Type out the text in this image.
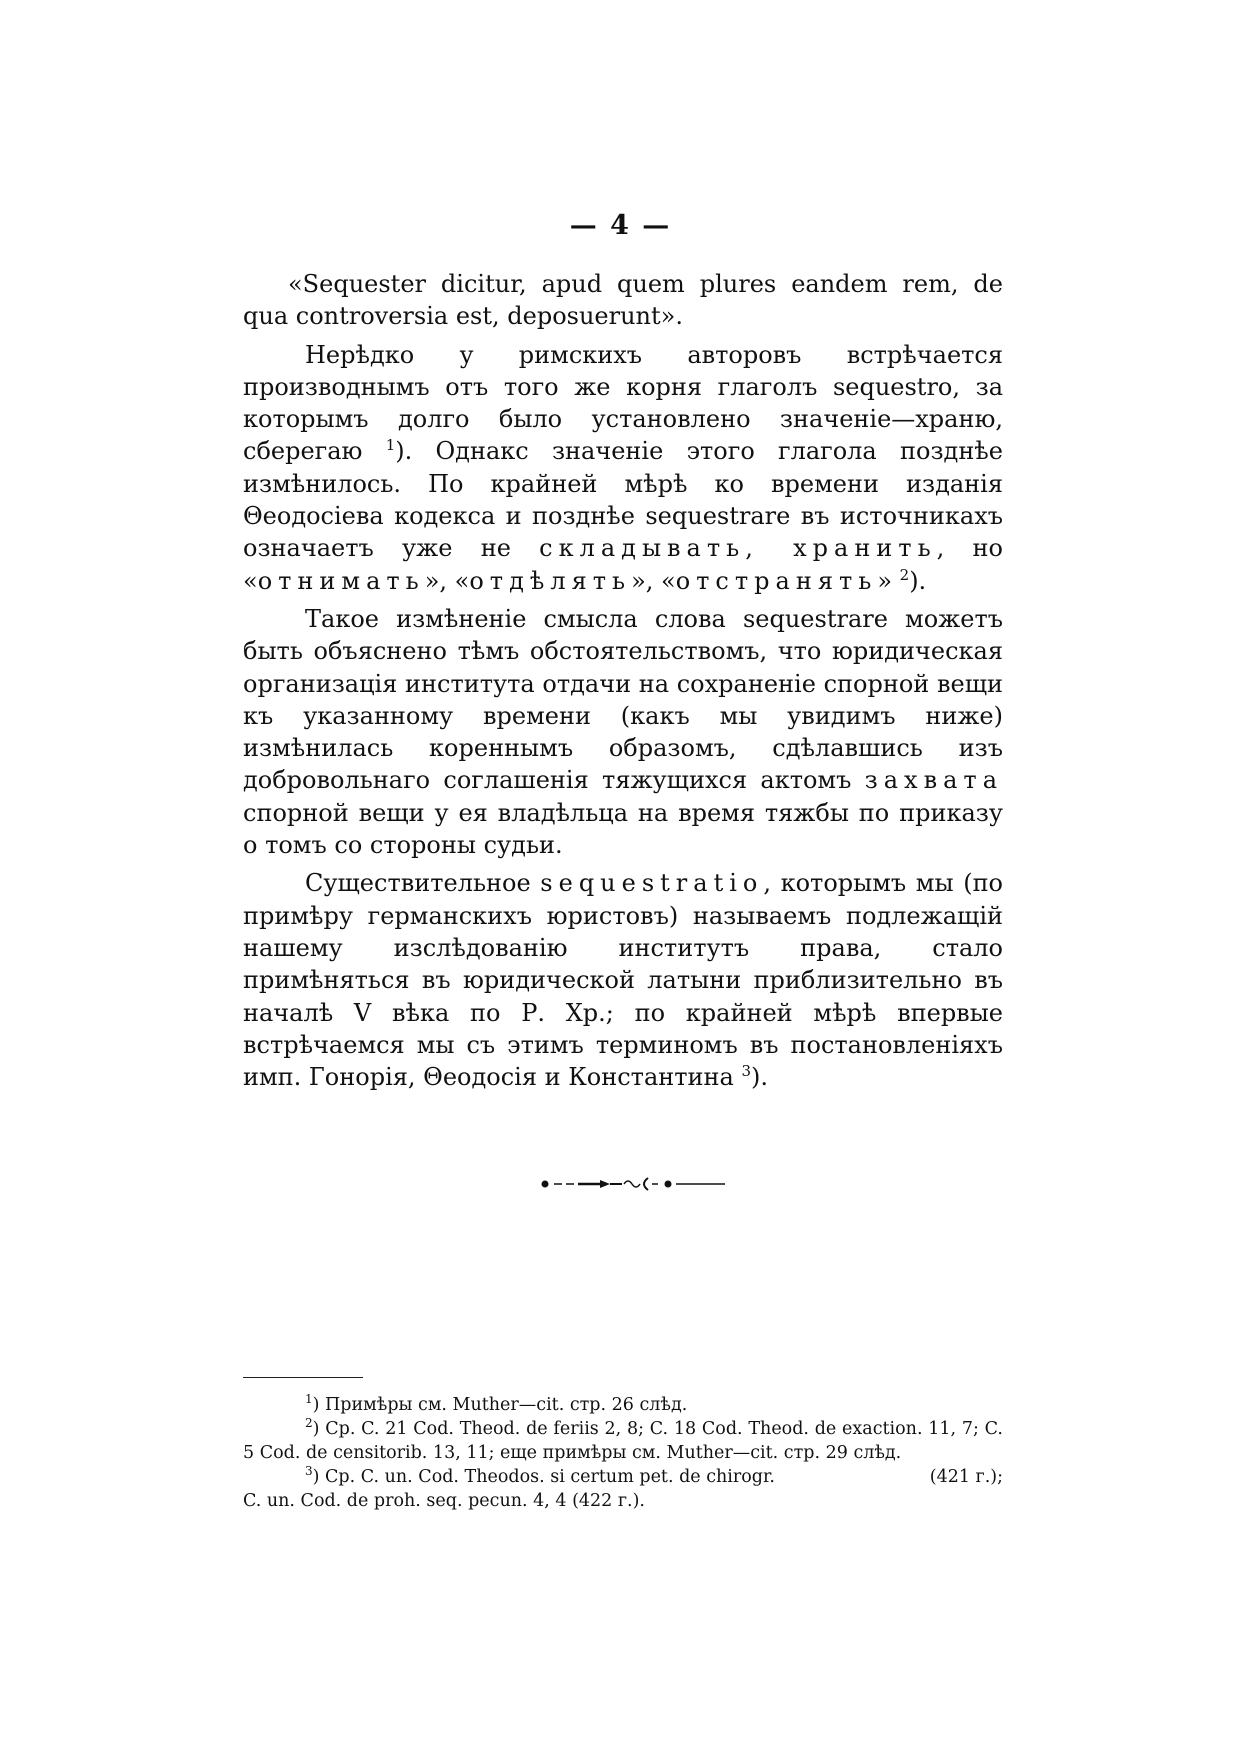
— 4 —

«Sequester dicitur, apud quem plures eandem rem, de qua controversia est, deposuerunt».

Нерѣдко у римскихъ авторовъ встрѣчается производнымъ отъ того же корня глаголъ sequestro, за которымъ долго было установлено значеніе—храню, сберегаю $^1$). Однакс значеніе этого глагола позднѣе измѣнилось. По крайней мѣрѣ ко времени изданія Θеодосіева кодекса и позднѣе sequestrare въ источникахъ означаетъ уже не складывать, хранить, но «отнимать», «отдѣлять», «отстранять» $^2$).

Такое измѣненіе смысла слова sequestrare можетъ быть объяснено тѣмъ обстоятельствомъ, что юридическая организація института отдачи на сохраненіе спорной вещи къ указанному времени (какъ мы увидимъ ниже) измѣнилась кореннымъ образомъ, сдѣлавшись изъ добровольнаго соглашенія тяжущихся актомъ захвата спорной вещи у ея владѣльца на время тяжбы по приказу о томъ со стороны судьи.

Существительное sequestratio, которымъ мы (по примѣру германскихъ юристовъ) называемъ подлежащій нашему изслѣдованію институтъ права, стало примѣняться въ юридической латыни приблизительно въ началѣ V вѣка по Р. Хр.; по крайней мѣрѣ впервые встрѣчаемся мы съ этимъ терминомъ въ постановленіяхъ имп. Гонорія, Θеодосія и Константина $^3$).

$^1$) Примѣры см. Muther—cit. стр. 26 слѣд.

$^2$) Ср. C. 21 Cod. Theod. de feriis 2, 8; C. 18 Cod. Theod. de exaction. 11, 7; C. 5 Cod. de censitorib. 13, 11; еще примѣры см. Muther—cit. стр. 29 слѣд.

$^3$) Ср. C. un. Cod. Theodos. si certum pet. de chirogr.	(421 г.);

C. un. Cod. de proh. seq. pecun. 4, 4 (422 г.).
